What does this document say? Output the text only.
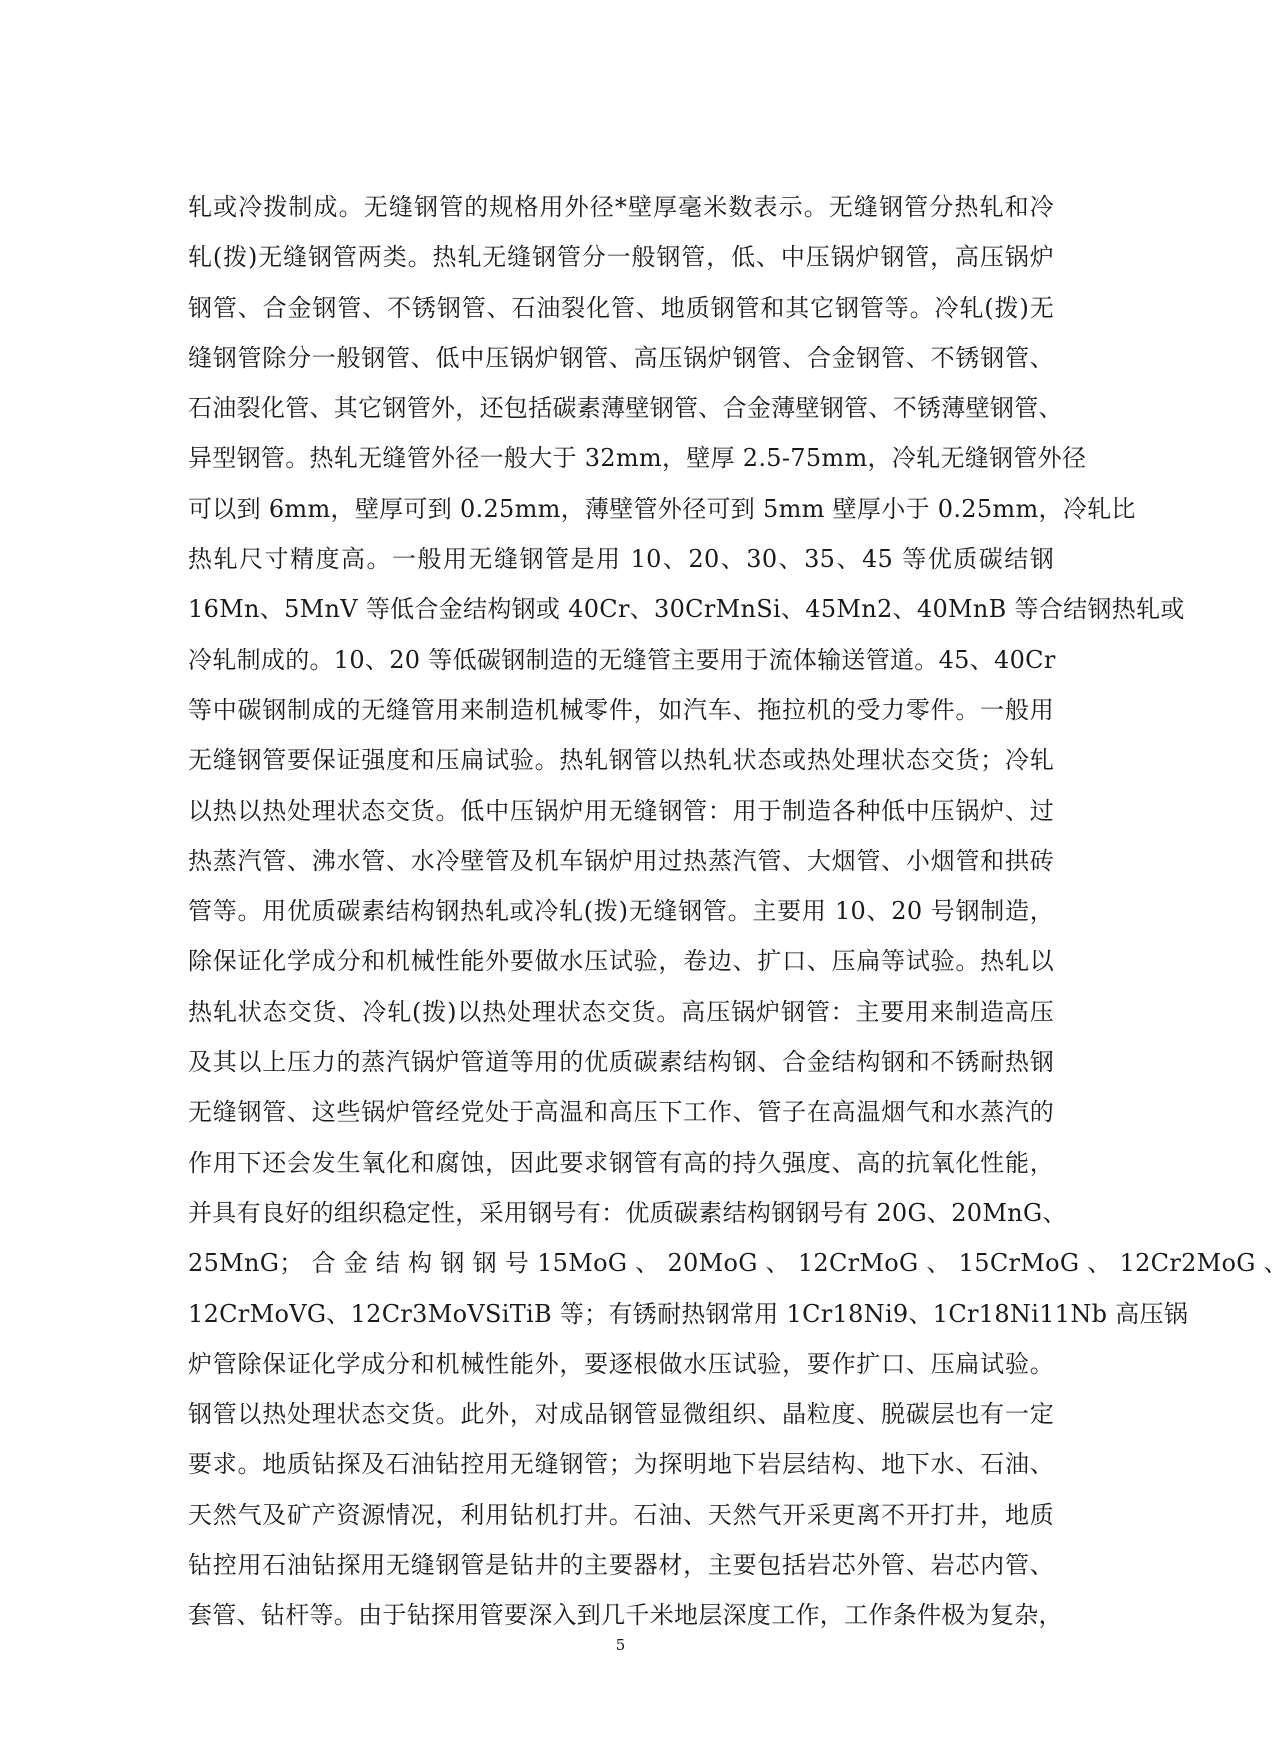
轧或冷拨制成。无缝钢管的规格用外径*壁厚毫米数表示。无缝钢管分热轧和冷
轧(拨)无缝钢管两类。热轧无缝钢管分一般钢管，低、中压锅炉钢管，高压锅炉
钢管、合金钢管、不锈钢管、石油裂化管、地质钢管和其它钢管等。冷轧(拨)无
缝钢管除分一般钢管、低中压锅炉钢管、高压锅炉钢管、合金钢管、不锈钢管、
石油裂化管、其它钢管外，还包括碳素薄壁钢管、合金薄壁钢管、不锈薄壁钢管、
异型钢管。热轧无缝管外径一般大于 32mm，壁厚 2.5-75mm，冷轧无缝钢管外径
可以到 6mm，壁厚可到 0.25mm，薄壁管外径可到 5mm 壁厚小于 0.25mm，冷轧比
热轧尺寸精度高。一般用无缝钢管是用 10、20、30、35、45 等优质碳结钢
16Mn、5MnV 等低合金结构钢或 40Cr、30CrMnSi、45Mn2、40MnB 等合结钢热轧或
冷轧制成的。10、20 等低碳钢制造的无缝管主要用于流体输送管道。45、40Cr
等中碳钢制成的无缝管用来制造机械零件，如汽车、拖拉机的受力零件。一般用
无缝钢管要保证强度和压扁试验。热轧钢管以热轧状态或热处理状态交货；冷轧
以热以热处理状态交货。低中压锅炉用无缝钢管：用于制造各种低中压锅炉、过
热蒸汽管、沸水管、水冷壁管及机车锅炉用过热蒸汽管、大烟管、小烟管和拱砖
管等。用优质碳素结构钢热轧或冷轧(拨)无缝钢管。主要用 10、20 号钢制造，
除保证化学成分和机械性能外要做水压试验，卷边、扩口、压扁等试验。热轧以
热轧状态交货、冷轧(拨)以热处理状态交货。高压锅炉钢管：主要用来制造高压
及其以上压力的蒸汽锅炉管道等用的优质碳素结构钢、合金结构钢和不锈耐热钢
无缝钢管、这些锅炉管经党处于高温和高压下工作、管子在高温烟气和水蒸汽的
作用下还会发生氧化和腐蚀，因此要求钢管有高的持久强度、高的抗氧化性能，
并具有良好的组织稳定性，采用钢号有：优质碳素结构钢钢号有 20G、20MnG、
25MnG； 合 金 结 构 钢 钢 号 15MoG 、 20MoG 、 12CrMoG 、 15CrMoG 、 12Cr2MoG 、
12CrMoVG、12Cr3MoVSiTiB 等；有锈耐热钢常用 1Cr18Ni9、1Cr18Ni11Nb 高压锅
炉管除保证化学成分和机械性能外，要逐根做水压试验，要作扩口、压扁试验。
钢管以热处理状态交货。此外，对成品钢管显微组织、晶粒度、脱碳层也有一定
要求。地质钻探及石油钻控用无缝钢管；为探明地下岩层结构、地下水、石油、
天然气及矿产资源情况，利用钻机打井。石油、天然气开采更离不开打井，地质
钻控用石油钻探用无缝钢管是钻井的主要器材，主要包括岩芯外管、岩芯内管、
套管、钻杆等。由于钻探用管要深入到几千米地层深度工作，工作条件极为复杂，
5
